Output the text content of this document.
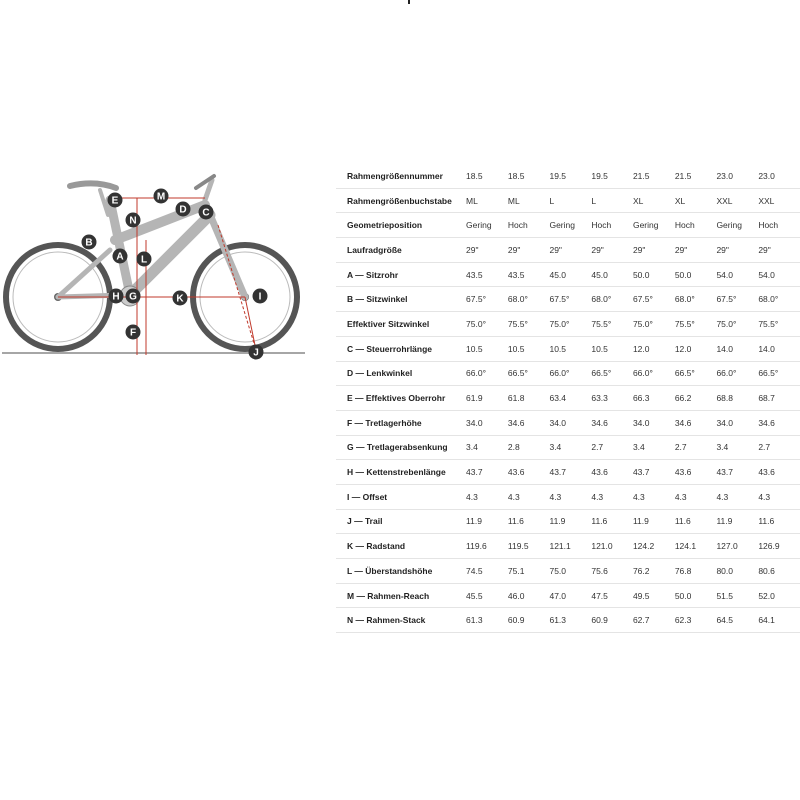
A
B
C
D
E
F
G
H	I
J
K
L
M
N
Rahmengrößennummer	18.5	18.5	19.5	19.5	21.5	21.5	23.0	23.0
Rahmengrößenbuchstabe	ML	ML	L	L	XL	XL	XXL	XXL
Geometrieposition	Gering	Hoch	Gering	Hoch	Gering	Hoch	Gering	Hoch
Laufradgröße	29"	29"	29"	29"	29"	29"	29"	29"
A — Sitzrohr	43.5	43.5	45.0	45.0	50.0	50.0	54.0	54.0
B — Sitzwinkel	67.5°	68.0°	67.5°	68.0°	67.5°	68.0°	67.5°	68.0°
Effektiver Sitzwinkel	75.0°	75.5°	75.0°	75.5°	75.0°	75.5°	75.0°	75.5°
C — Steuerrohrlänge	10.5	10.5	10.5	10.5	12.0	12.0	14.0	14.0
D — Lenkwinkel	66.0°	66.5°	66.0°	66.5°	66.0°	66.5°	66.0°	66.5°
E — Effektives Oberrohr	61.9	61.8	63.4	63.3	66.3	66.2	68.8	68.7
F — Tretlagerhöhe	34.0	34.6	34.0	34.6	34.0	34.6	34.0	34.6
G — Tretlagerabsenkung	3.4	2.8	3.4	2.7	3.4	2.7	3.4	2.7
H — Kettenstrebenlänge	43.7	43.6	43.7	43.6	43.7	43.6	43.7	43.6
I — Offset	4.3	4.3	4.3	4.3	4.3	4.3	4.3	4.3
J — Trail	11.9	11.6	11.9	11.6	11.9	11.6	11.9	11.6
K — Radstand	119.6	119.5	121.1	121.0	124.2	124.1	127.0	126.9
L — Überstandshöhe	74.5	75.1	75.0	75.6	76.2	76.8	80.0	80.6
M — Rahmen-Reach	45.5	46.0	47.0	47.5	49.5	50.0	51.5	52.0
N — Rahmen-Stack	61.3	60.9	61.3	60.9	62.7	62.3	64.5	64.1
